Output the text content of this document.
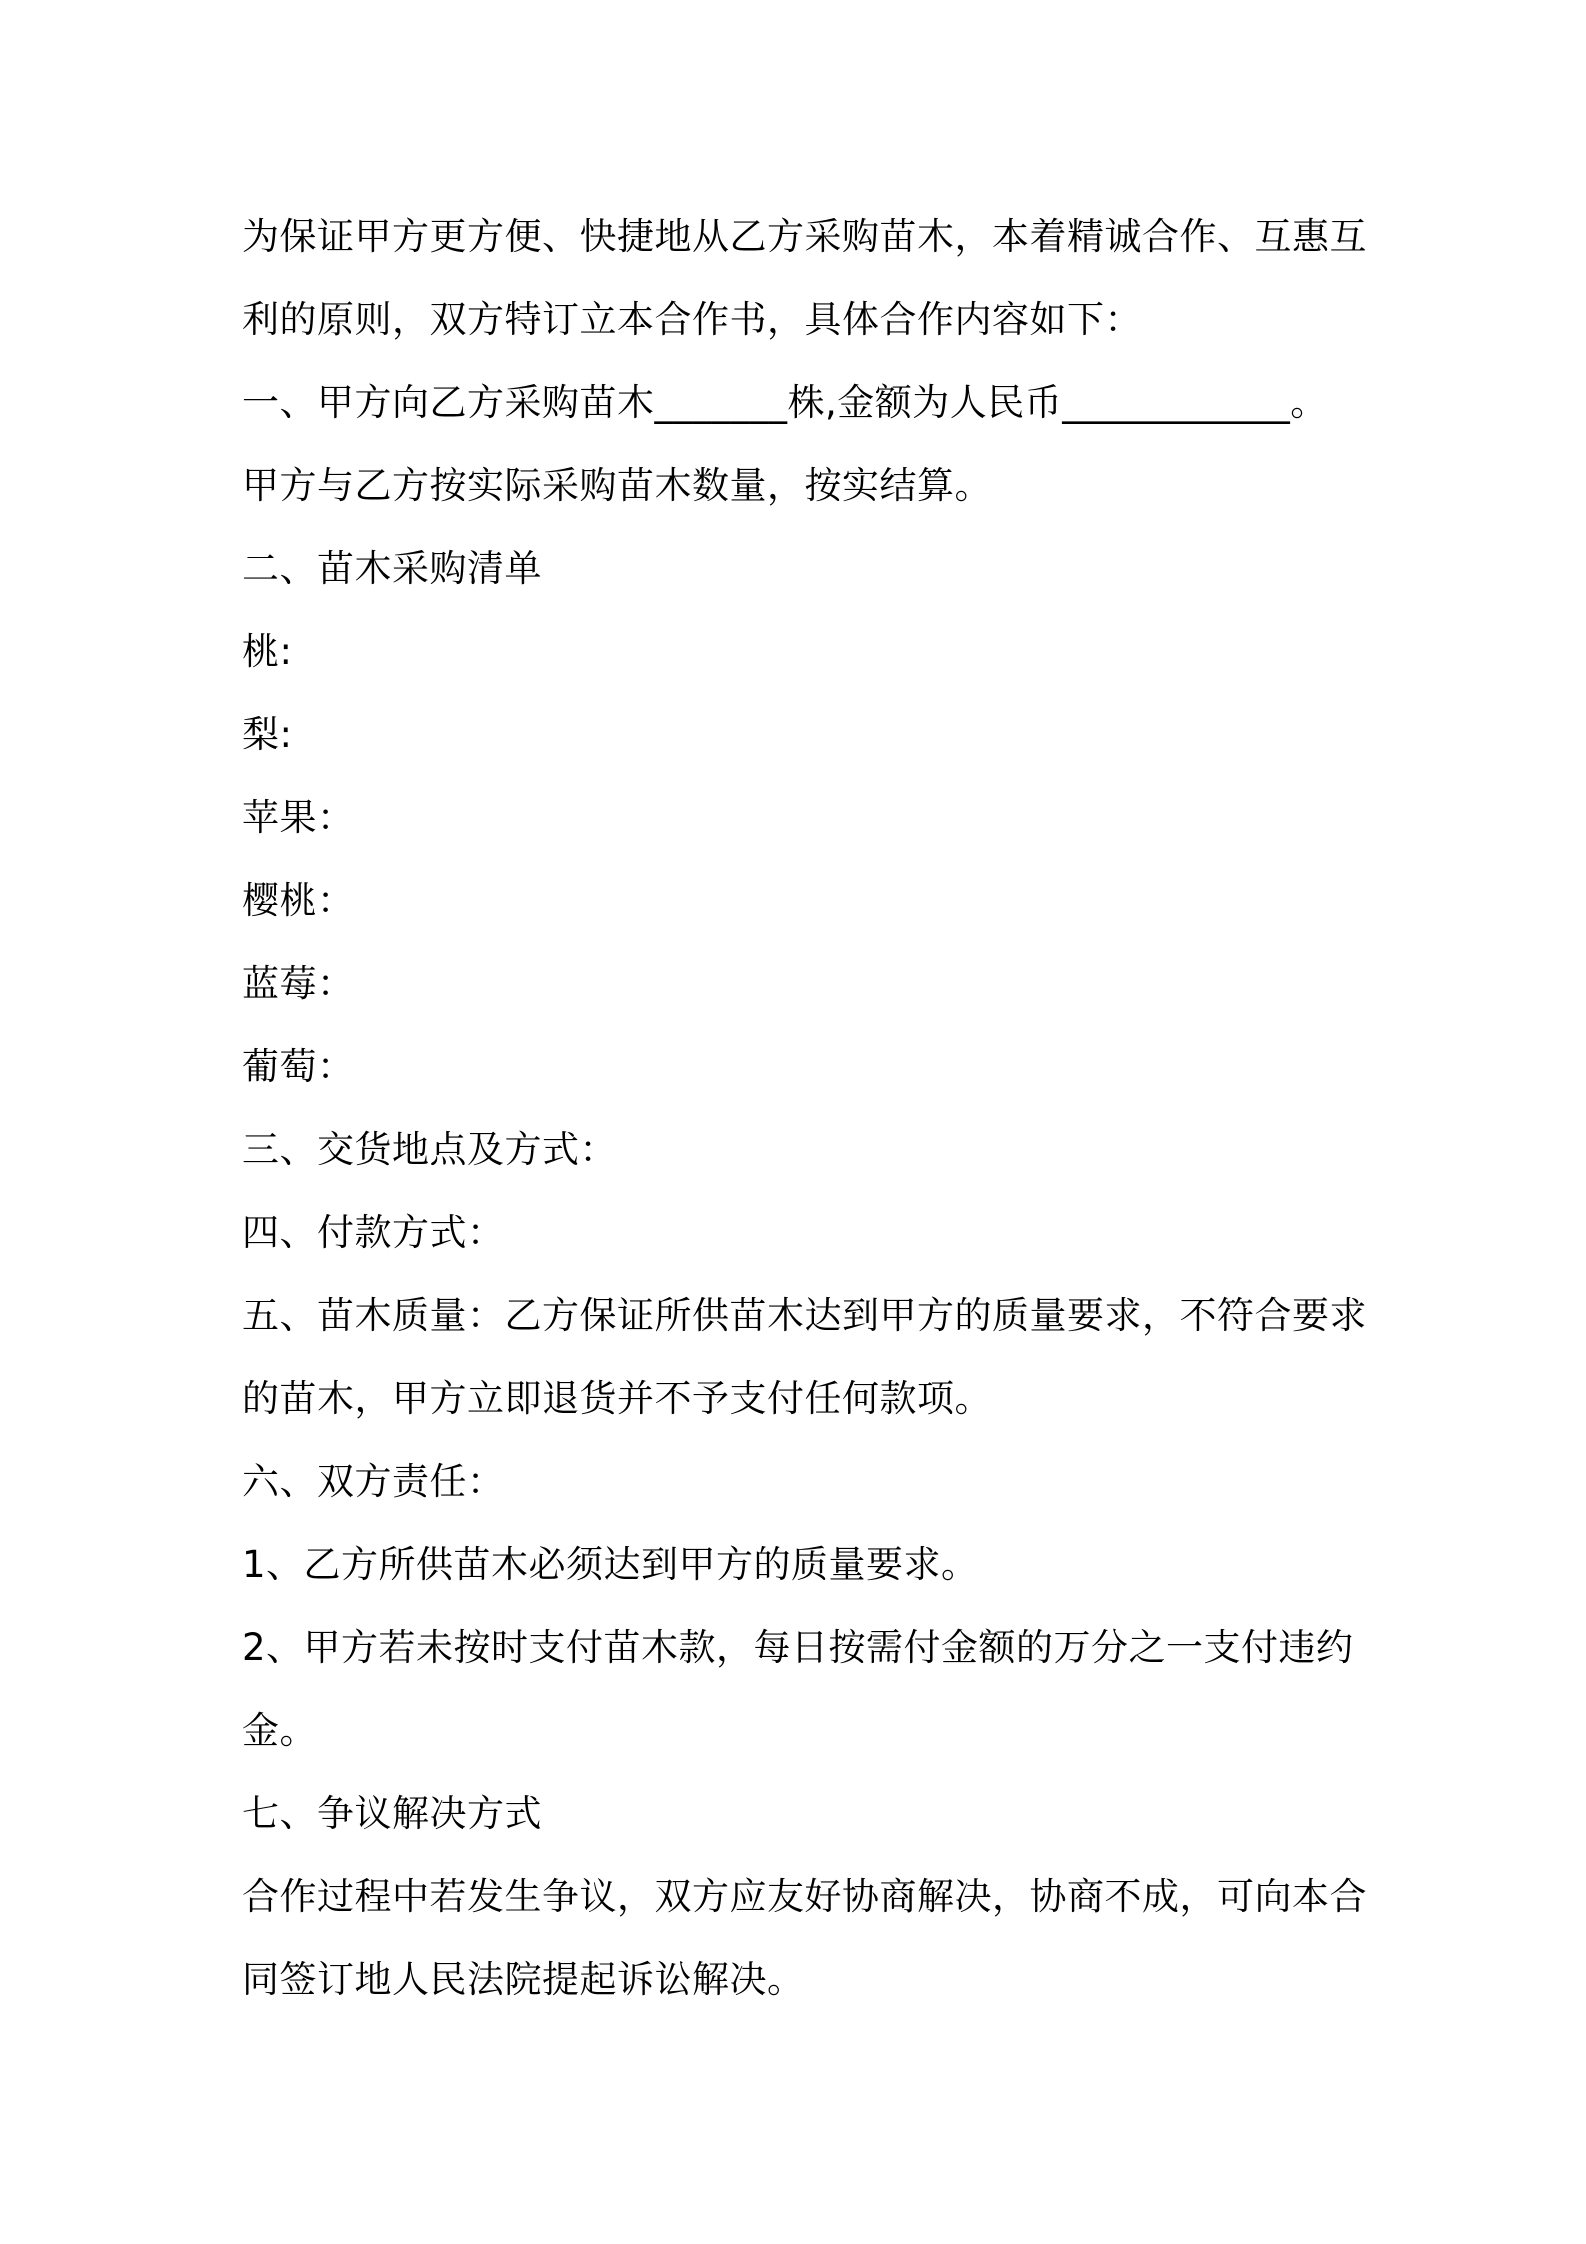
为保证甲方更方便、快捷地从乙方采购苗木，本着精诚合作、互惠互
利的原则，双方特订立本合作书，具体合作内容如下：
一、甲方向乙方采购苗木_______株,金额为人民币____________。
甲方与乙方按实际采购苗木数量，按实结算。
二、苗木采购清单
桃:
梨:
苹果：
樱桃：
蓝莓：
葡萄：
三、交货地点及方式：
四、付款方式：
五、苗木质量：乙方保证所供苗木达到甲方的质量要求，不符合要求
的苗木，甲方立即退货并不予支付任何款项。
六、双方责任：
1、乙方所供苗木必须达到甲方的质量要求。
2、甲方若未按时支付苗木款，每日按需付金额的万分之一支付违约
金。
七、争议解决方式
合作过程中若发生争议，双方应友好协商解决，协商不成，可向本合
同签订地人民法院提起诉讼解决。
